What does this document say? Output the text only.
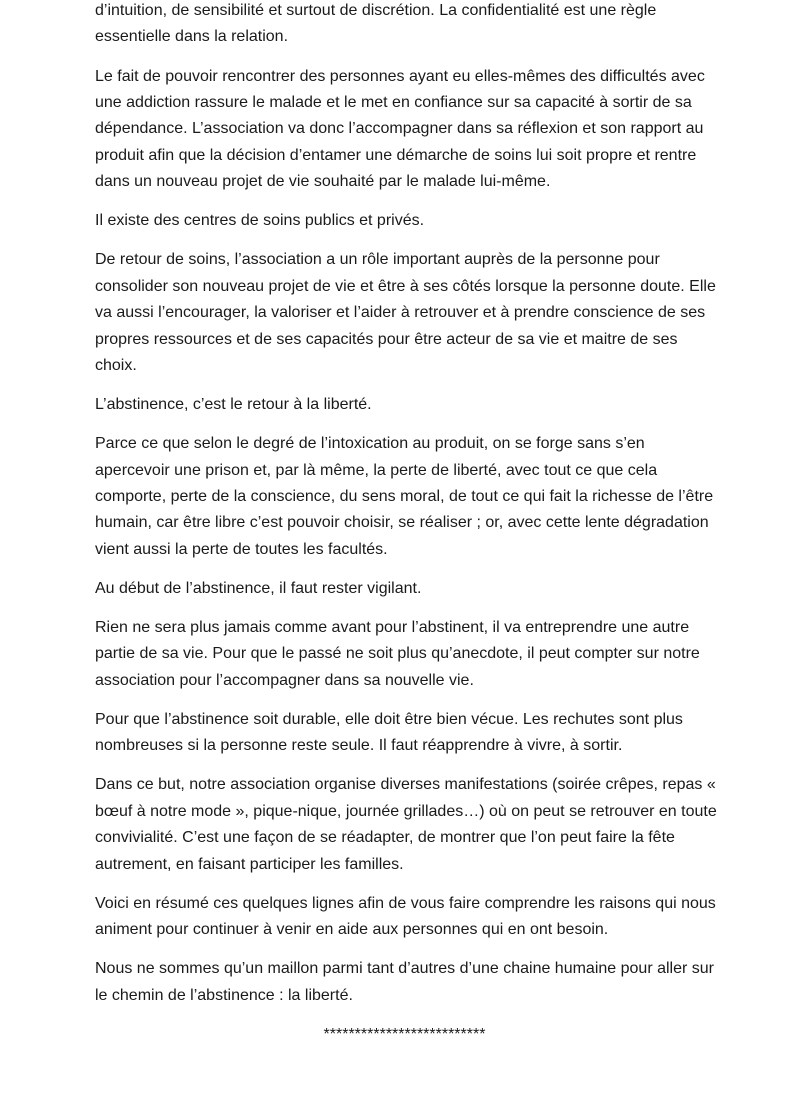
d’intuition, de sensibilité et surtout de discrétion. La confidentialité est une règle essentielle dans la relation.

Le fait de pouvoir rencontrer des personnes ayant eu elles-mêmes des difficultés avec une addiction rassure le malade et le met en confiance sur sa capacité à sortir de sa dépendance. L’association va donc l’accompagner dans sa réflexion et son rapport au produit afin que la décision d’entamer une démarche de soins lui soit propre et rentre dans un nouveau projet de vie souhaité par le malade lui-même.

Il existe des centres de soins publics et privés.

De retour de soins, l’association a un rôle important auprès de la personne pour consolider son nouveau projet de vie et être à ses côtés lorsque la personne doute. Elle va aussi l’encourager, la valoriser et l’aider à retrouver et à prendre conscience de ses propres ressources et de ses capacités pour être acteur de sa vie et maitre de ses choix.

L’abstinence, c’est le retour à la liberté.

Parce ce que selon le degré de l’intoxication au produit, on se forge sans s’en apercevoir une prison et, par là même, la perte de liberté, avec tout ce que cela comporte, perte de la conscience, du sens moral, de tout ce qui fait la richesse de l’être humain, car être libre c’est pouvoir choisir, se réaliser ; or, avec cette lente dégradation vient aussi la perte de toutes les facultés.

Au début de l’abstinence, il faut rester vigilant.

Rien ne sera plus jamais comme avant pour l’abstinent, il va entreprendre une autre partie de sa vie. Pour que le passé ne soit plus qu’anecdote, il peut compter sur notre association pour l’accompagner dans sa nouvelle vie.

Pour que l’abstinence soit durable, elle doit être bien vécue. Les rechutes sont plus nombreuses si la personne reste seule. Il faut réapprendre à vivre, à sortir.

Dans ce but, notre association organise diverses manifestations (soirée crêpes, repas « bœuf à notre mode », pique-nique, journée grillades…) où on peut se retrouver en toute convivialité. C’est une façon de se réadapter, de montrer que l’on peut faire la fête autrement, en faisant participer les familles.

Voici en résumé ces quelques lignes afin de vous faire comprendre les raisons qui nous animent pour continuer à venir en aide aux personnes qui en ont besoin.

Nous ne sommes qu’un maillon parmi tant d’autres d’une chaine humaine pour aller sur le chemin de l’abstinence : la liberté.

**************************
